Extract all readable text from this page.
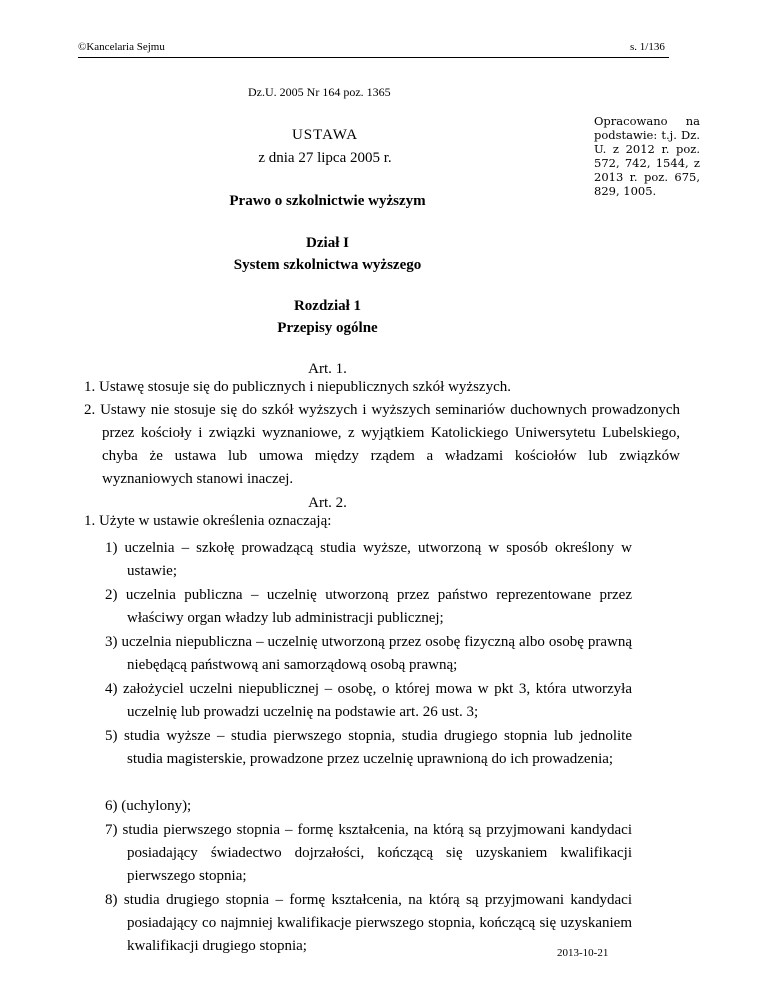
©Kancelaria Sejmu	s. 1/136
Dz.U. 2005 Nr 164 poz. 1365
Opracowano na podstawie: t.j. Dz. U. z 2012 r. poz. 572, 742, 1544, z 2013 r. poz. 675, 829, 1005.
USTAWA
z dnia 27 lipca 2005 r.
Prawo o szkolnictwie wyższym
Dział I
System szkolnictwa wyższego
Rozdział 1
Przepisy ogólne
Art. 1.
1. Ustawę stosuje się do publicznych i niepublicznych szkół wyższych.
2. Ustawy nie stosuje się do szkół wyższych i wyższych seminariów duchownych prowadzonych przez kościoły i związki wyznaniowe, z wyjątkiem Katolickiego Uniwersytetu Lubelskiego, chyba że ustawa lub umowa między rządem a władzami kościołów lub związków wyznaniowych stanowi inaczej.
Art. 2.
1. Użyte w ustawie określenia oznaczają:
1) uczelnia – szkołę prowadzącą studia wyższe, utworzoną w sposób określony w ustawie;
2) uczelnia publiczna – uczelnię utworzoną przez państwo reprezentowane przez właściwy organ władzy lub administracji publicznej;
3) uczelnia niepubliczna – uczelnię utworzoną przez osobę fizyczną albo osobę prawną niebędącą państwową ani samorządową osobą prawną;
4) założyciel uczelni niepublicznej – osobę, o której mowa w pkt 3, która utworzyła uczelnię lub prowadzi uczelnię na podstawie art. 26 ust. 3;
5) studia wyższe – studia pierwszego stopnia, studia drugiego stopnia lub jednolite studia magisterskie, prowadzone przez uczelnię uprawnioną do ich prowadzenia;
6) (uchylony);
7) studia pierwszego stopnia – formę kształcenia, na którą są przyjmowani kandydaci posiadający świadectwo dojrzałości, kończącą się uzyskaniem kwalifikacji pierwszego stopnia;
8) studia drugiego stopnia – formę kształcenia, na którą są przyjmowani kandydaci posiadający co najmniej kwalifikacje pierwszego stopnia, kończącą się uzyskaniem kwalifikacji drugiego stopnia;	2013-10-21
